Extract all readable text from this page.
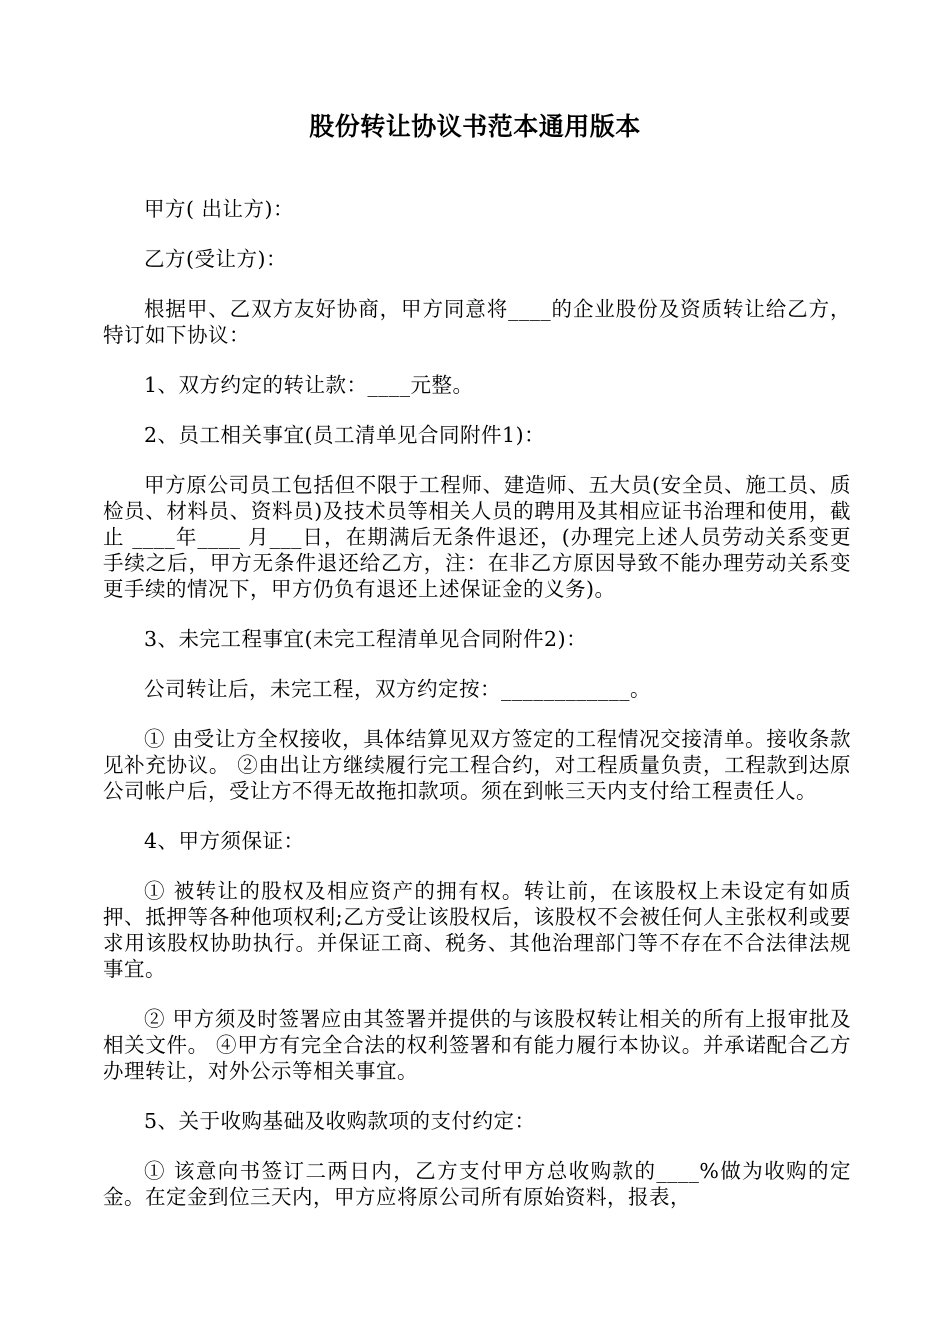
股份转让协议书范本通用版本

甲方( 出让方)：

乙方(受让方)：

根据甲、乙双方友好协商，甲方同意将____的企业股份及资质转让给乙方，特订如下协议：

1、双方约定的转让款：____元整。

2、员工相关事宜(员工清单见合同附件1)：

甲方原公司员工包括但不限于工程师、建造师、五大员(安全员、施工员、质检员、材料员、资料员)及技术员等相关人员的聘用及其相应证书治理和使用，截止 ____年____ 月___日，在期满后无条件退还，(办理完上述人员劳动关系变更手续之后，甲方无条件退还给乙方，注：在非乙方原因导致不能办理劳动关系变更手续的情况下，甲方仍负有退还上述保证金的义务)。

3、未完工程事宜(未完工程清单见合同附件2)：

公司转让后，未完工程，双方约定按：____________。

① 由受让方全权接收，具体结算见双方签定的工程情况交接清单。接收条款见补充协议。 ②由出让方继续履行完工程合约，对工程质量负责，工程款到达原公司帐户后，受让方不得无故拖扣款项。须在到帐三天内支付给工程责任人。

4、甲方须保证：

① 被转让的股权及相应资产的拥有权。转让前，在该股权上未设定有如质押、抵押等各种他项权利;乙方受让该股权后，该股权不会被任何人主张权利或要求用该股权协助执行。并保证工商、税务、其他治理部门等不存在不合法律法规事宜。

② 甲方须及时签署应由其签署并提供的与该股权转让相关的所有上报审批及相关文件。 ④甲方有完全合法的权利签署和有能力履行本协议。并承诺配合乙方办理转让，对外公示等相关事宜。

5、关于收购基础及收购款项的支付约定：

① 该意向书签订二两日内，乙方支付甲方总收购款的____%做为收购的定金。在定金到位三天内，甲方应将原公司所有原始资料，报表，
